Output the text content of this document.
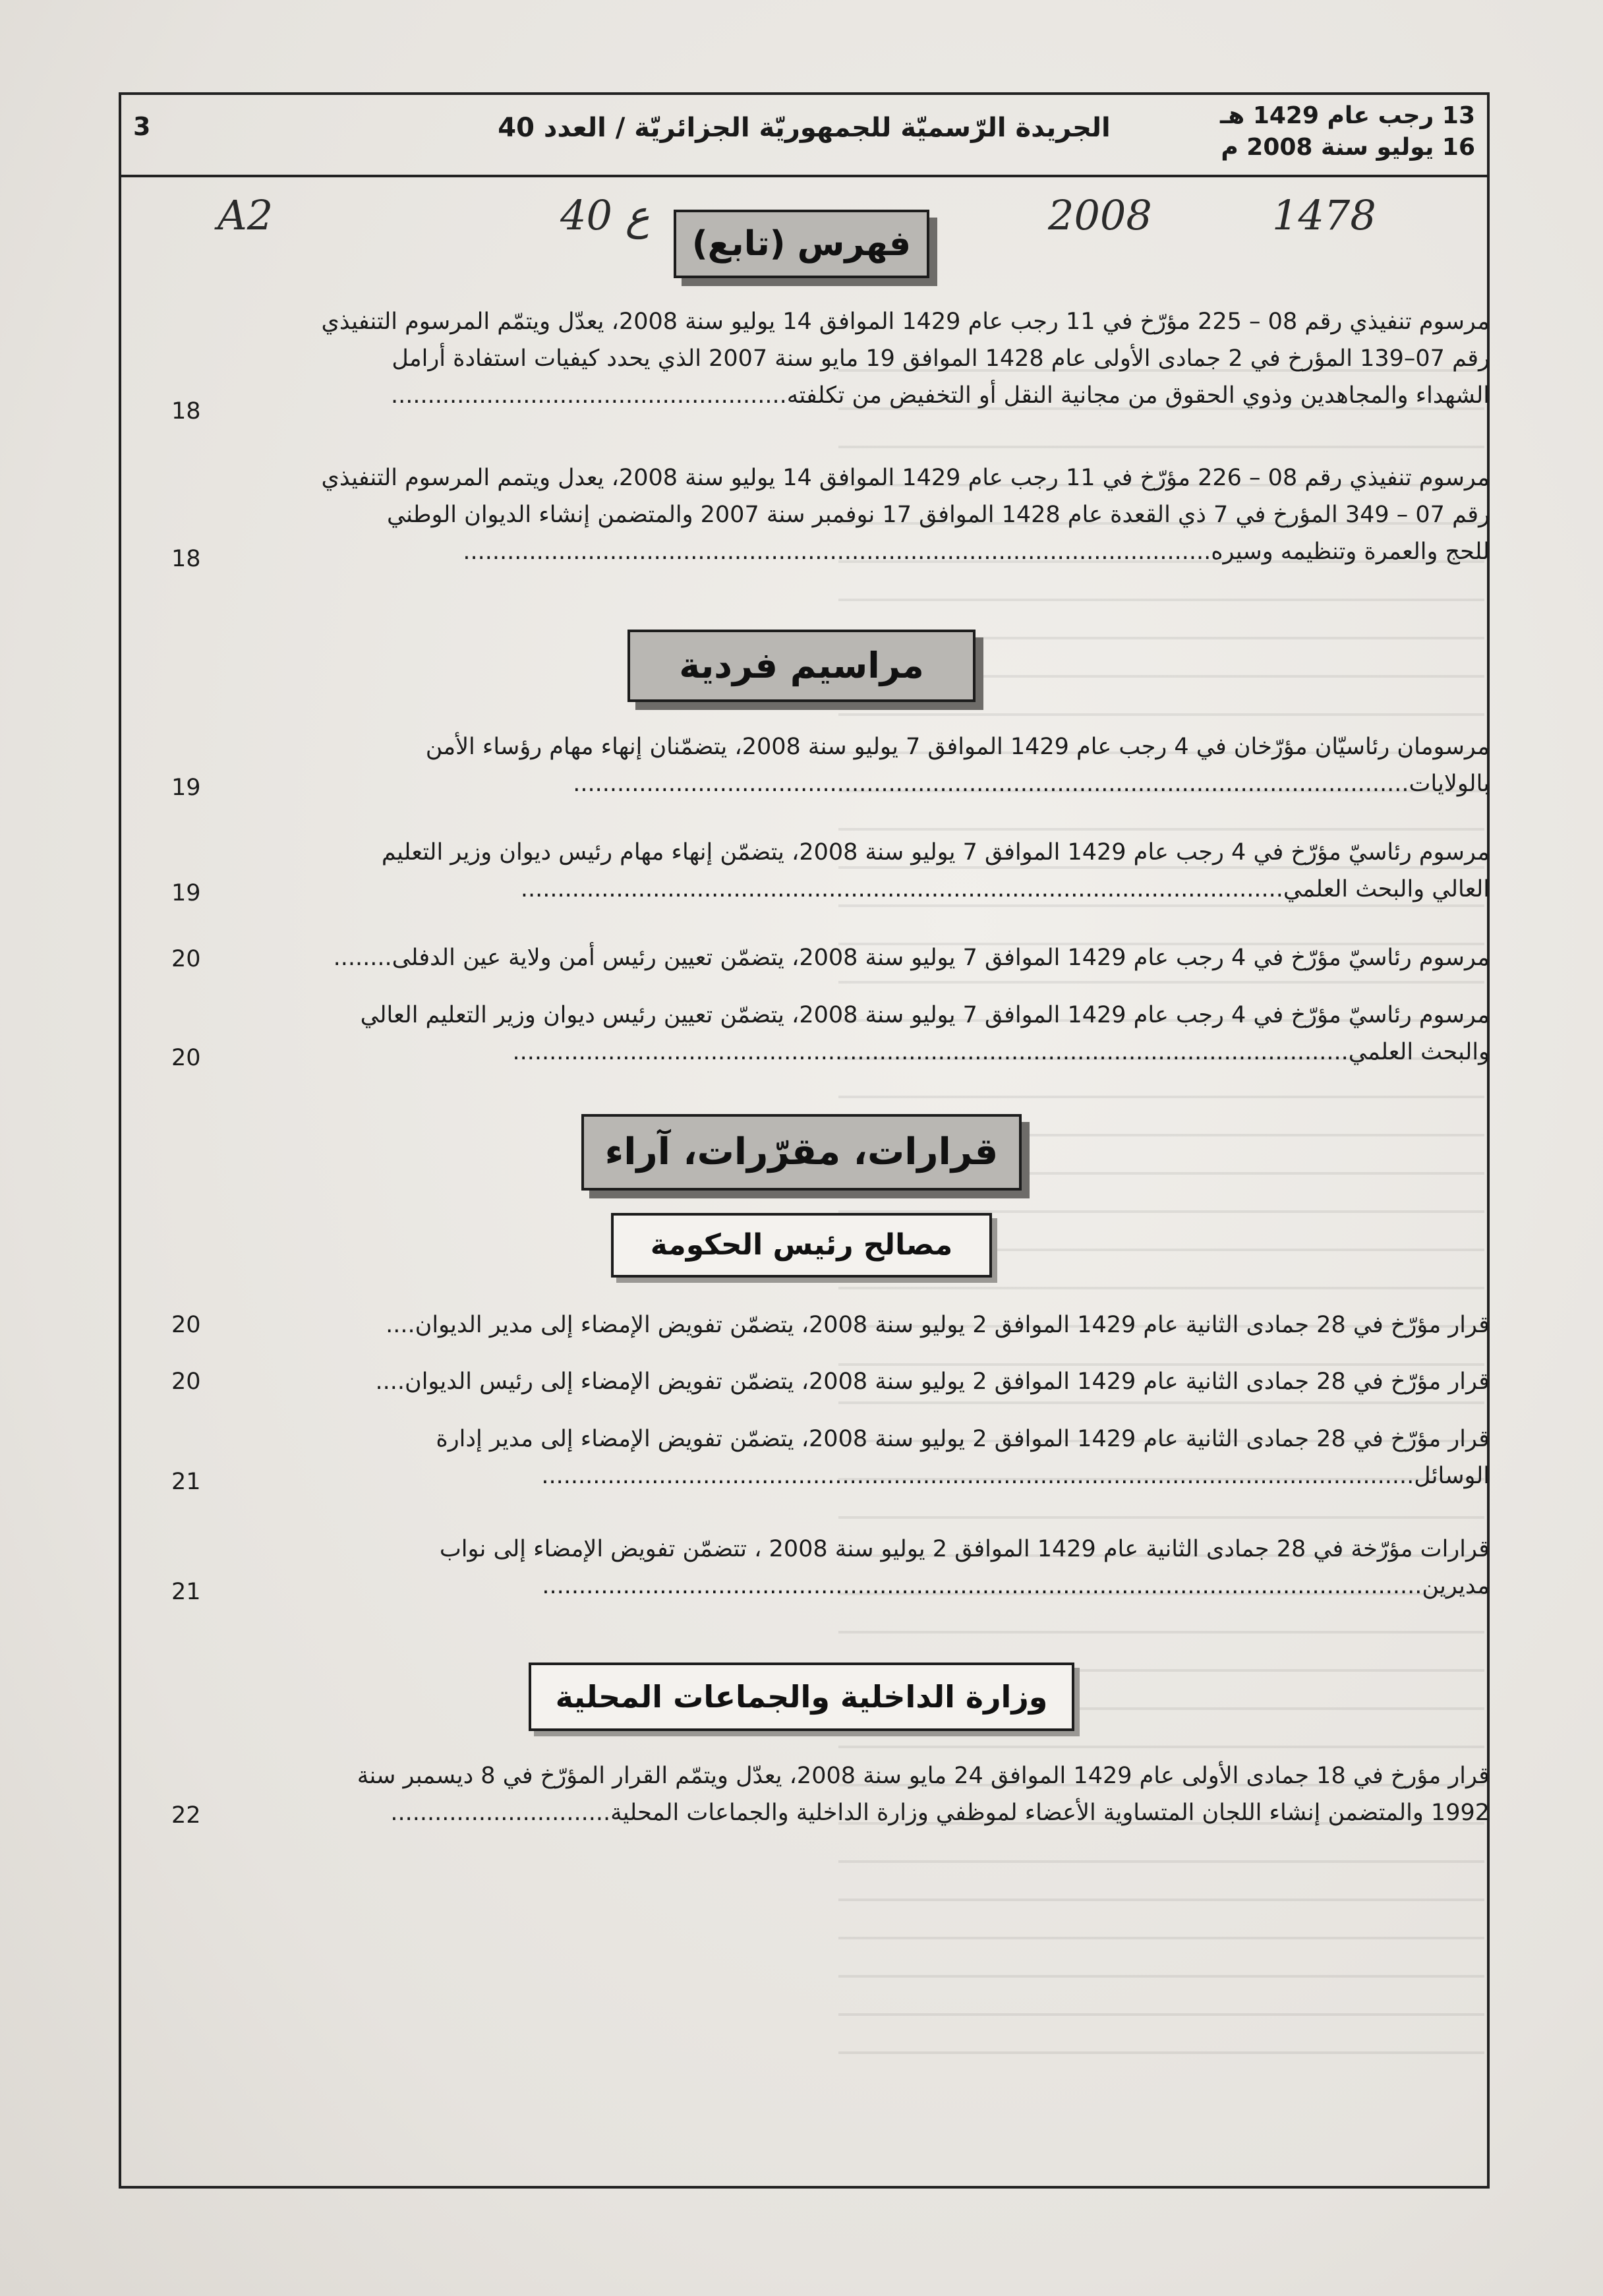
13 رجب عام 1429 هـ
16 يوليو سنة 2008 م
الجريدة الرّسميّة للجمهوريّة الجزائريّة / العدد 40
3
A2	ع 40	2008	1478
فهرس (تابع)
مرسوم تنفيذي رقم 08 – 225 مؤرّخ في 11 رجب عام 1429 الموافق 14 يوليو سنة 2008، يعدّل ويتمّم المرسوم التنفيذي
رقم 07–139 المؤرخ في 2 جمادى الأولى عام 1428 الموافق 19 مايو سنة 2007 الذي يحدد كيفيات استفادة أرامل
الشهداء والمجاهدين وذوي الحقوق من مجانية النقل أو التخفيض من تكلفته......................................................
18
مرسوم تنفيذي رقم 08 – 226 مؤرّخ في 11 رجب عام 1429 الموافق 14 يوليو سنة 2008، يعدل ويتمم المرسوم التنفيذي
رقم 07 – 349 المؤرخ في 7 ذي القعدة عام 1428 الموافق 17 نوفمبر سنة 2007 والمتضمن إنشاء الديوان الوطني
للحج والعمرة وتنظيمه وسيره......................................................................................................
18
مراسيم فردية
مرسومان رئاسيّان مؤرّخان في 4 رجب عام 1429 الموافق 7 يوليو سنة 2008، يتضمّنان إنهاء مهام رؤساء الأمن
بالولايات..................................................................................................................
19
مرسوم رئاسيّ مؤرّخ في 4 رجب عام 1429 الموافق 7 يوليو سنة 2008، يتضمّن إنهاء مهام رئيس ديوان وزير التعليم
العالي والبحث العلمي........................................................................................................
19
مرسوم رئاسيّ مؤرّخ في 4 رجب عام 1429 الموافق 7 يوليو سنة 2008، يتضمّن تعيين رئيس أمن ولاية عين الدفلى........
20
مرسوم رئاسيّ مؤرّخ في 4 رجب عام 1429 الموافق 7 يوليو سنة 2008، يتضمّن تعيين رئيس ديوان وزير التعليم العالي
والبحث العلمي..................................................................................................................
20
قرارات، مقرّرات، آراء
مصالح رئيس الحكومة
قرار مؤرّخ في 28 جمادى الثانية عام 1429 الموافق 2 يوليو سنة 2008، يتضمّن تفويض الإمضاء إلى مدير الديوان....
20
قرار مؤرّخ في 28 جمادى الثانية عام 1429 الموافق 2 يوليو سنة 2008، يتضمّن تفويض الإمضاء إلى رئيس الديوان....
20
قرار مؤرّخ في 28 جمادى الثانية عام 1429 الموافق 2 يوليو سنة 2008، يتضمّن تفويض الإمضاء إلى مدير إدارة
الوسائل.......................................................................................................................
21
قرارات مؤرّخة في 28 جمادى الثانية عام 1429 الموافق 2 يوليو سنة 2008 ، تتضمّن تفويض الإمضاء إلى نواب
مديرين........................................................................................................................
21
وزارة الداخلية والجماعات المحلية
قرار مؤرخ في 18 جمادى الأولى عام 1429 الموافق 24 مايو سنة 2008، يعدّل ويتمّم القرار المؤرّخ في 8 ديسمبر سنة
1992 والمتضمن إنشاء اللجان المتساوية الأعضاء لموظفي وزارة الداخلية والجماعات المحلية..............................
22
